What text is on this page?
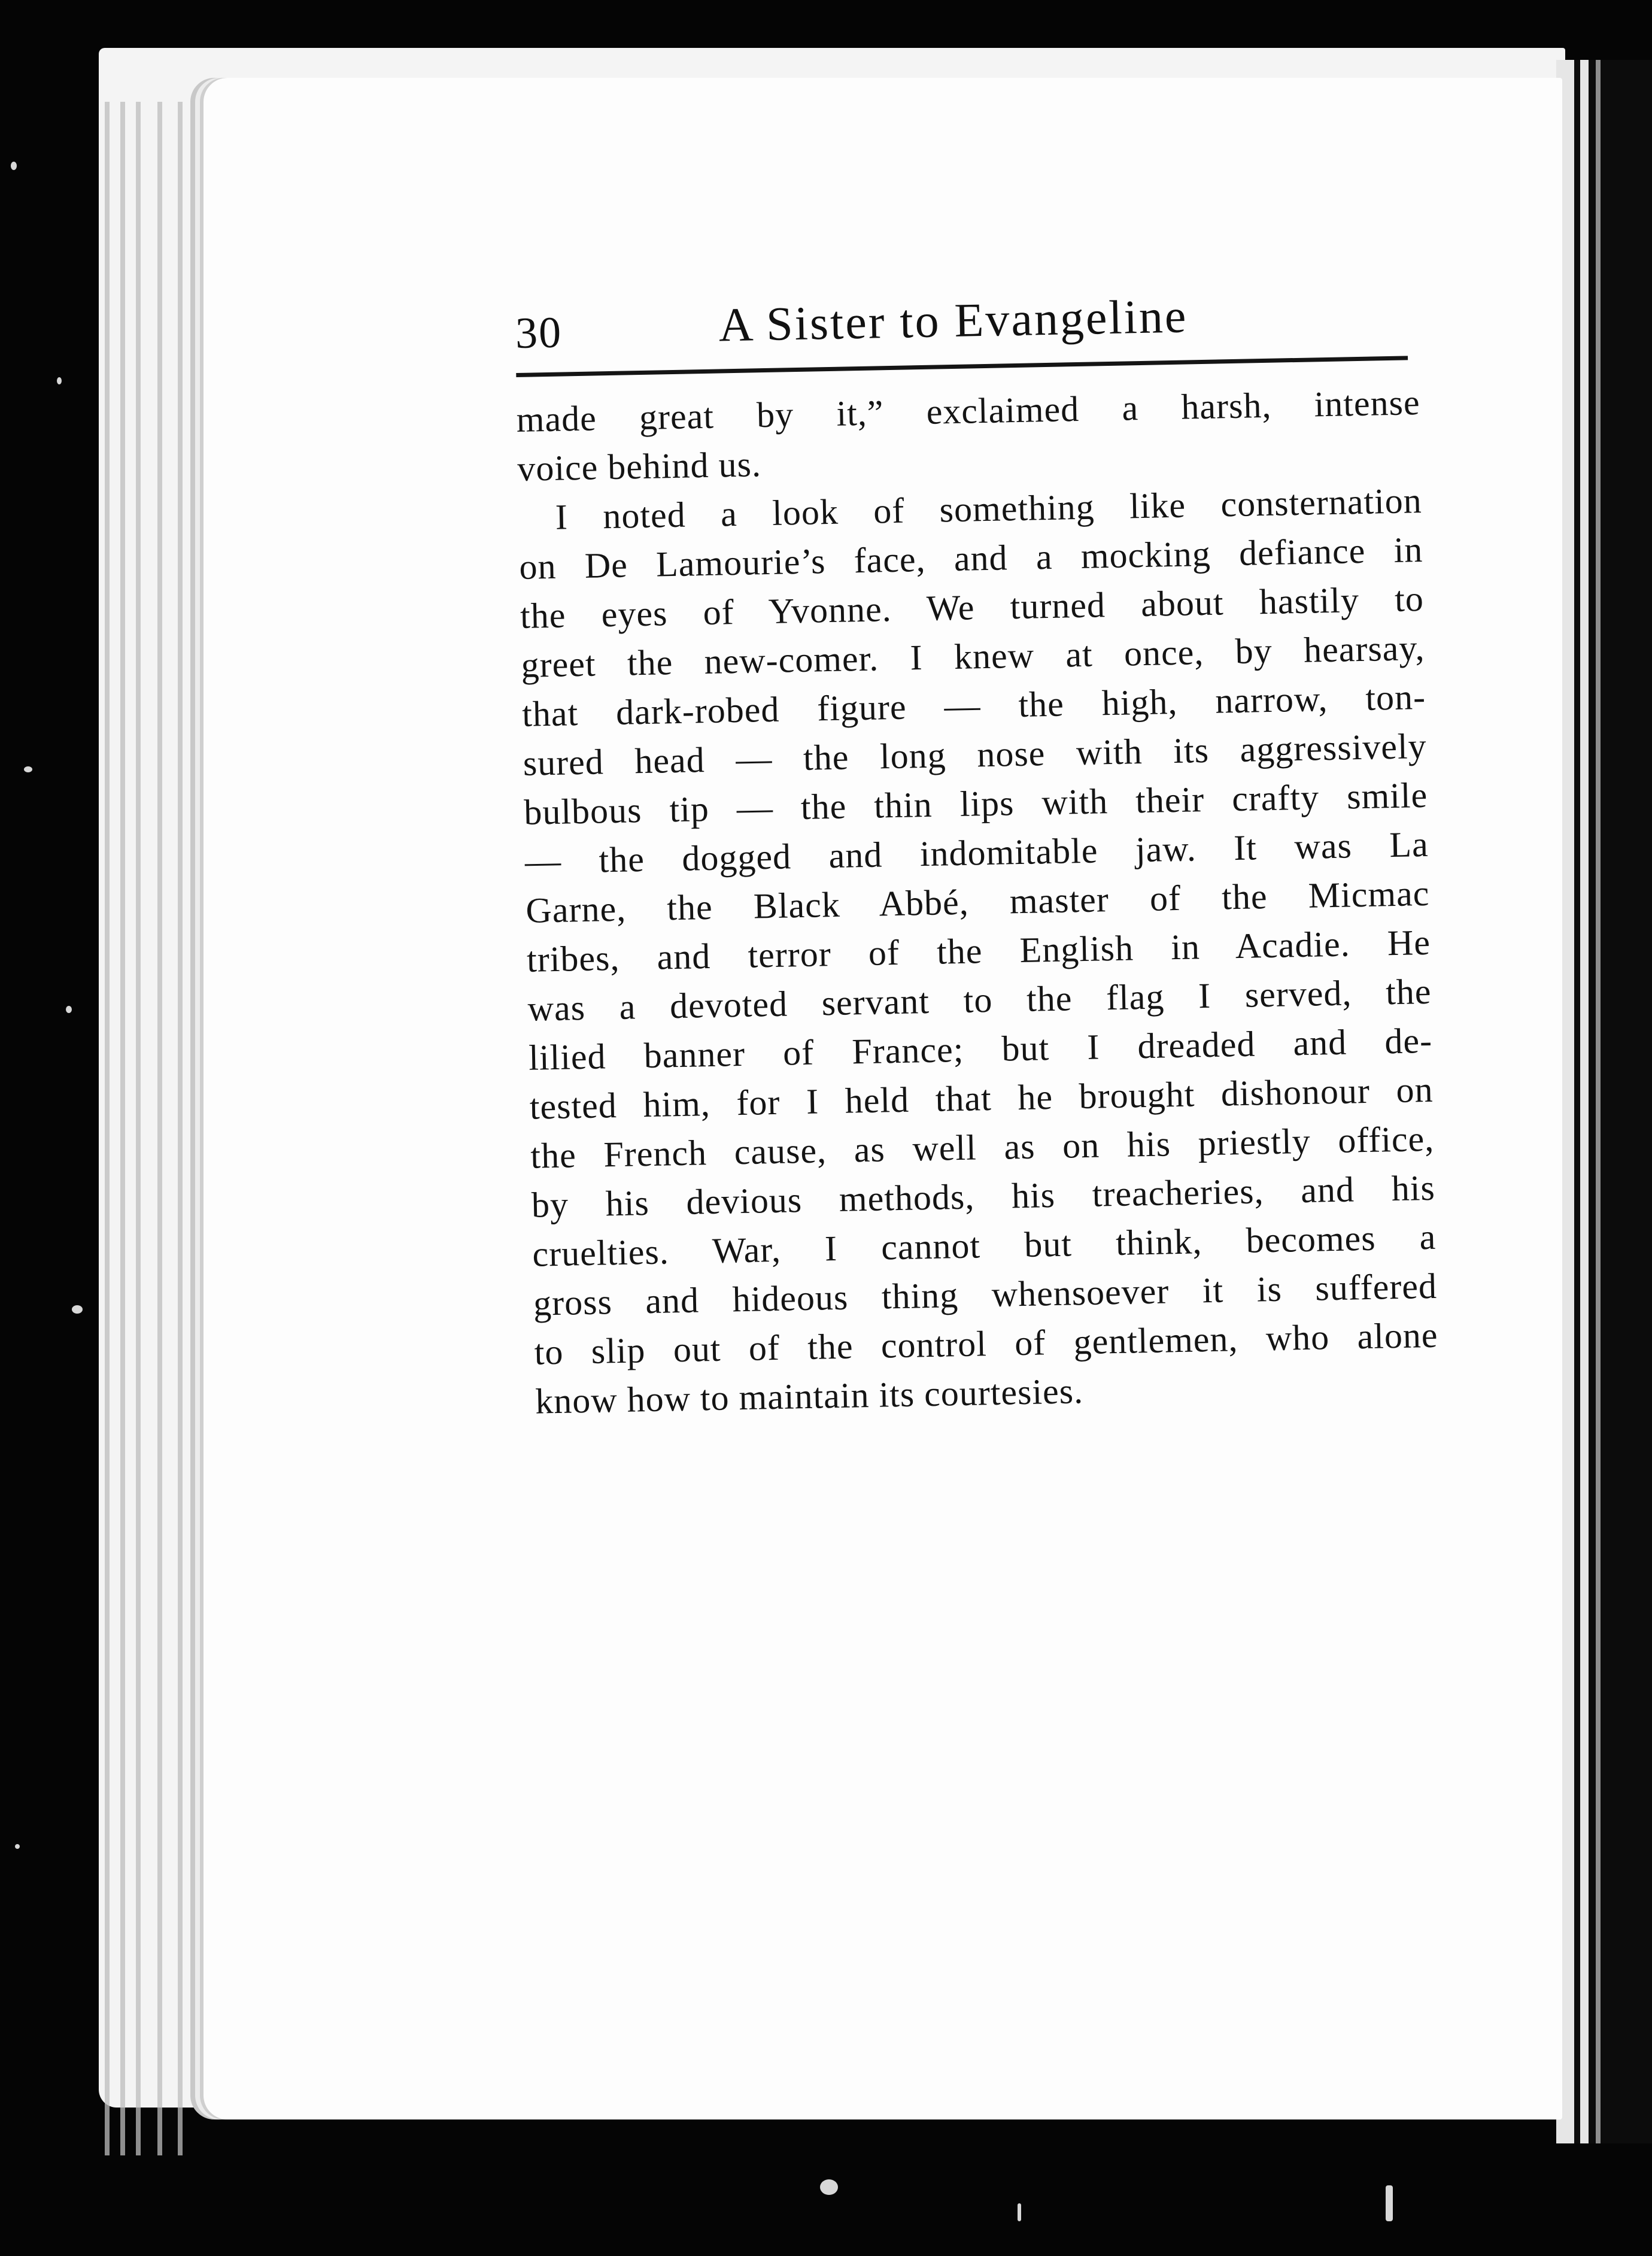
30	A Sister to Evangeline
made great by it,” exclaimed a harsh, intense
voice behind us.
I noted a look of something like consternation
on De Lamourie’s face, and a mocking defiance in
the eyes of Yvonne. We turned about hastily to
greet the new-comer. I knew at once, by hearsay,
that dark-robed figure — the high, narrow, ton-
sured head — the long nose with its aggressively
bulbous tip — the thin lips with their crafty smile
— the dogged and indomitable jaw. It was La
Garne, the Black Abbé, master of the Micmac
tribes, and terror of the English in Acadie. He
was a devoted servant to the flag I served, the
lilied banner of France; but I dreaded and de-
tested him, for I held that he brought dishonour on
the French cause, as well as on his priestly office,
by his devious methods, his treacheries, and his
cruelties. War, I cannot but think, becomes a
gross and hideous thing whensoever it is suffered
to slip out of the control of gentlemen, who alone
know how to maintain its courtesies.
